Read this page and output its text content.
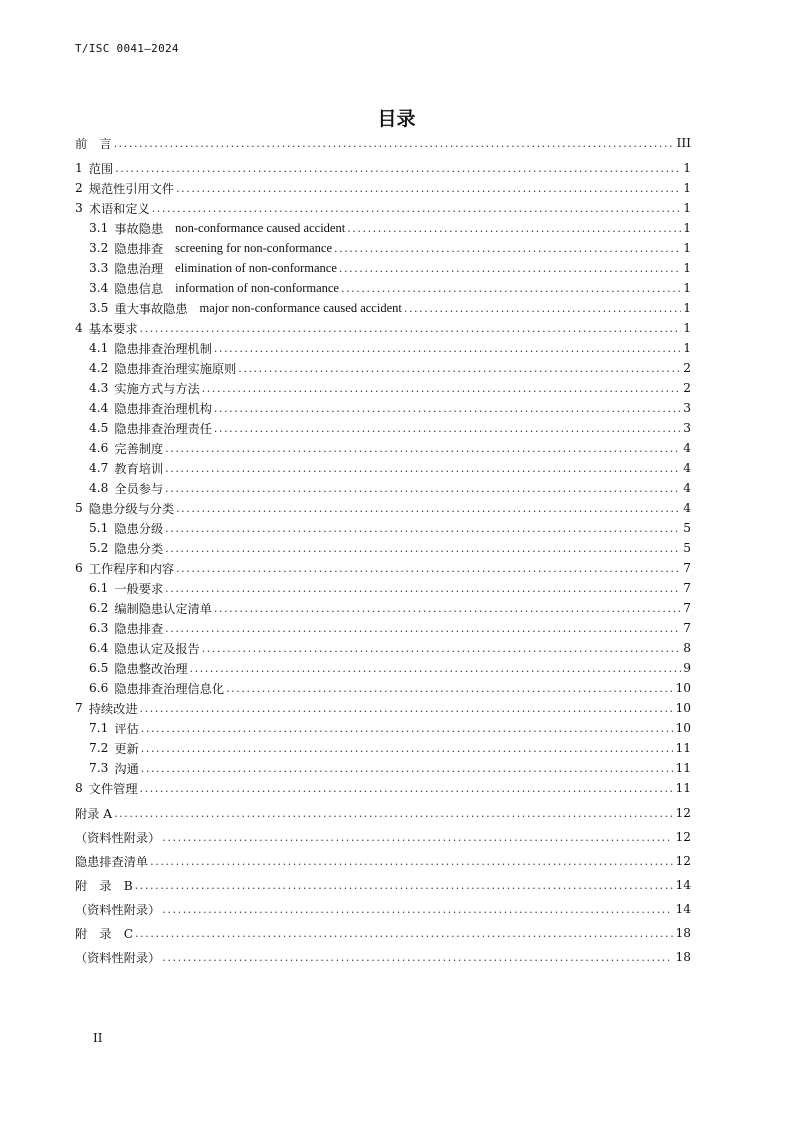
T/ISC 0041—2024
目录
前　言 .....	III
1 范围 .....	1
2 规范性引用文件 .....	1
3 术语和定义 .....	1
3.1 事故隐患 non-conformance caused accident .....	1
3.2 隐患排查 screening for non-conformance .....	1
3.3 隐患治理 elimination of non-conformance .....	1
3.4 隐患信息 information of non-conformance .....	1
3.5 重大事故隐患 major non-conformance caused accident .....	1
4 基本要求 .....	1
4.1 隐患排查治理机制 .....	1
4.2 隐患排查治理实施原则 .....	2
4.3 实施方式与方法 .....	2
4.4 隐患排查治理机构 .....	3
4.5 隐患排查治理责任 .....	3
4.6 完善制度 .....	4
4.7 教育培训 .....	4
4.8 全员参与 .....	4
5 隐患分级与分类 .....	4
5.1 隐患分级 .....	5
5.2 隐患分类 .....	5
6 工作程序和内容 .....	7
6.1 一般要求 .....	7
6.2 编制隐患认定清单 .....	7
6.3 隐患排查 .....	7
6.4 隐患认定及报告 .....	8
6.5 隐患整改治理 .....	9
6.6 隐患排查治理信息化 .....	10
7 持续改进 .....	10
7.1 评估 .....	10
7.2 更新 .....	11
7.3 沟通 .....	11
8 文件管理 .....	11
附录 A .....	12
（资料性附录） .....	12
隐患排查清单 .....	12
附　录　B .....	14
（资料性附录） .....	14
附　录　C .....	18
（资料性附录） .....	18
II
